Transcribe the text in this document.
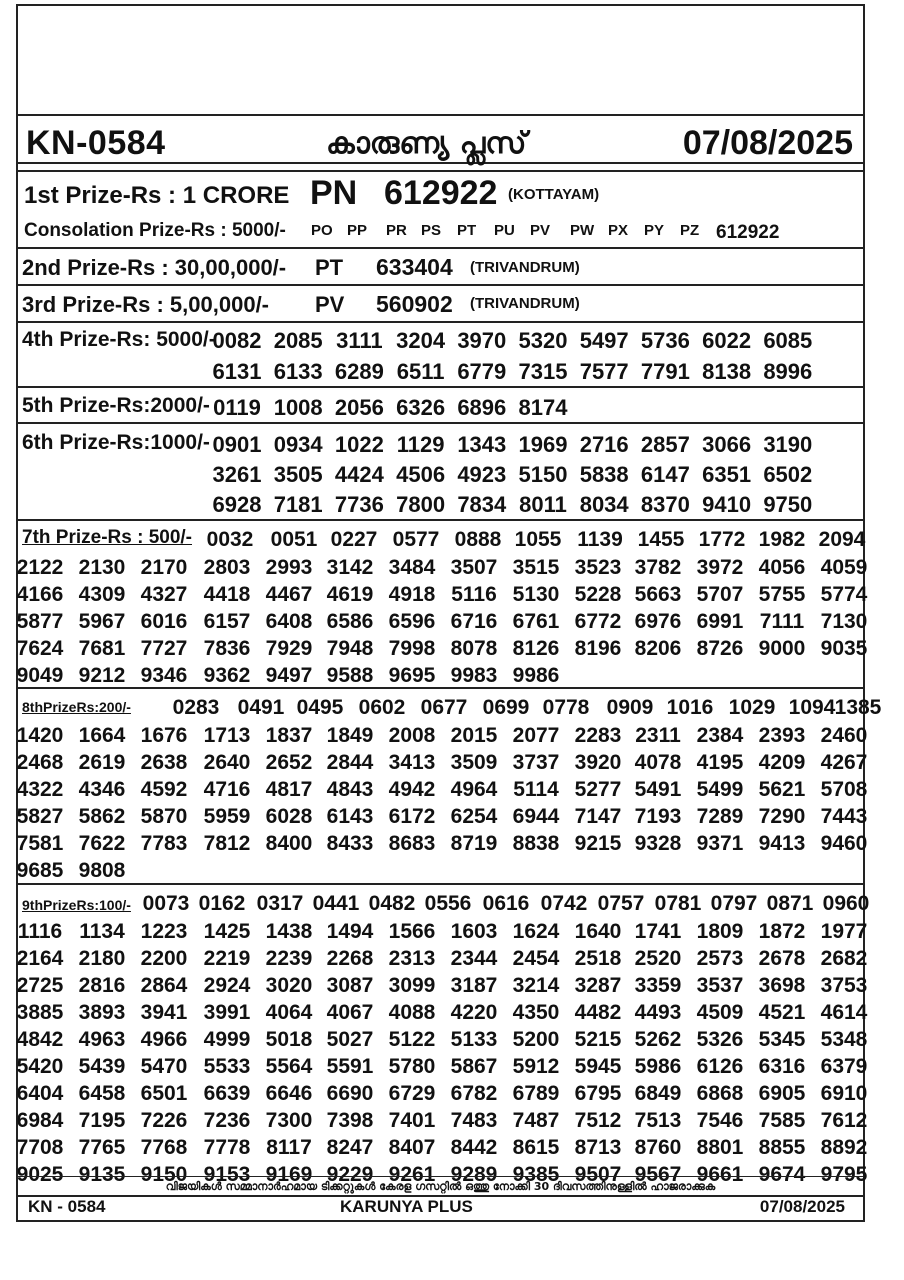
KN-0584	കാരുണ്യ പ്ലസ്	07/08/2025
1st Prize-Rs : 1 CRORE PN 612922 (KOTTAYAM)
Consolation Prize-Rs : 5000/- PO PP PR PS PT PU PV PW PX PY PZ 612922
2nd Prize-Rs : 30,00,000/- PT 633404 (TRIVANDRUM)
3rd Prize-Rs : 5,00,000/- PV 560902 (TRIVANDRUM)
4th Prize-Rs: 5000/-
0082 2085 3111 3204 3970 5320 5497 5736 6022 6085
6131 6133 6289 6511 6779 7315 7577 7791 8138 8996
5th Prize-Rs:2000/- 0119 1008 2056 6326 6896 8174
6th Prize-Rs:1000/- 0901 0934 1022 1129 1343 1969 2716 2857 3066 3190
3261 3505 4424 4506 4923 5150 5838 6147 6351 6502
6928 7181 7736 7800 7834 8011 8034 8370 9410 9750
7th Prize-Rs : 500/- 0032 0051 0227 0577 0888 1055 1139 1455 1772 1982 2094
2122 2130 2170 2803 2993 3142 3484 3507 3515 3523 3782 3972 4056 4059
4166 4309 4327 4418 4467 4619 4918 5116 5130 5228 5663 5707 5755 5774
5877 5967 6016 6157 6408 6586 6596 6716 6761 6772 6976 6991 7111 7130
7624 7681 7727 7836 7929 7948 7998 8078 8126 8196 8206 8726 9000 9035
9049 9212 9346 9362 9497 9588 9695 9983 9986
8thPrizeRs:200/- 0283 0491 0495 0602 0677 0699 0778 0909 1016 1029 1094 1385
1420 1664 1676 1713 1837 1849 2008 2015 2077 2283 2311 2384 2393 2460
2468 2619 2638 2640 2652 2844 3413 3509 3737 3920 4078 4195 4209 4267
4322 4346 4592 4716 4817 4843 4942 4964 5114 5277 5491 5499 5621 5708
5827 5862 5870 5959 6028 6143 6172 6254 6944 7147 7193 7289 7290 7443
7581 7622 7783 7812 8400 8433 8683 8719 8838 9215 9328 9371 9413 9460
9685 9808
9thPrizeRs:100/- 0073 0162 0317 0441 0482 0556 0616 0742 0757 0781 0797 0871 0960
1116 1134 1223 1425 1438 1494 1566 1603 1624 1640 1741 1809 1872 1977
2164 2180 2200 2219 2239 2268 2313 2344 2454 2518 2520 2573 2678 2682
2725 2816 2864 2924 3020 3087 3099 3187 3214 3287 3359 3537 3698 3753
3885 3893 3941 3991 4064 4067 4088 4220 4350 4482 4493 4509 4521 4614
4842 4963 4966 4999 5018 5027 5122 5133 5200 5215 5262 5326 5345 5348
5420 5439 5470 5533 5564 5591 5780 5867 5912 5945 5986 6126 6316 6379
6404 6458 6501 6639 6646 6690 6729 6782 6789 6795 6849 6868 6905 6910
6984 7195 7226 7236 7300 7398 7401 7483 7487 7512 7513 7546 7585 7612
7708 7765 7768 7778 8117 8247 8407 8442 8615 8713 8760 8801 8855 8892
9025 9135 9150 9153 9169 9229 9261 9289 9385 9507 9567 9661 9674 9795
വിജയികൾ സമ്മാനാർഹമായ ടിക്കറ്റുകൾ കേരള ഗസറ്റിൽ ഒത്തു നോക്കി 30 ദിവസത്തിനുള്ളിൽ ഹാജരാക്കുക
KN - 0584	KARUNYA PLUS	07/08/2025
